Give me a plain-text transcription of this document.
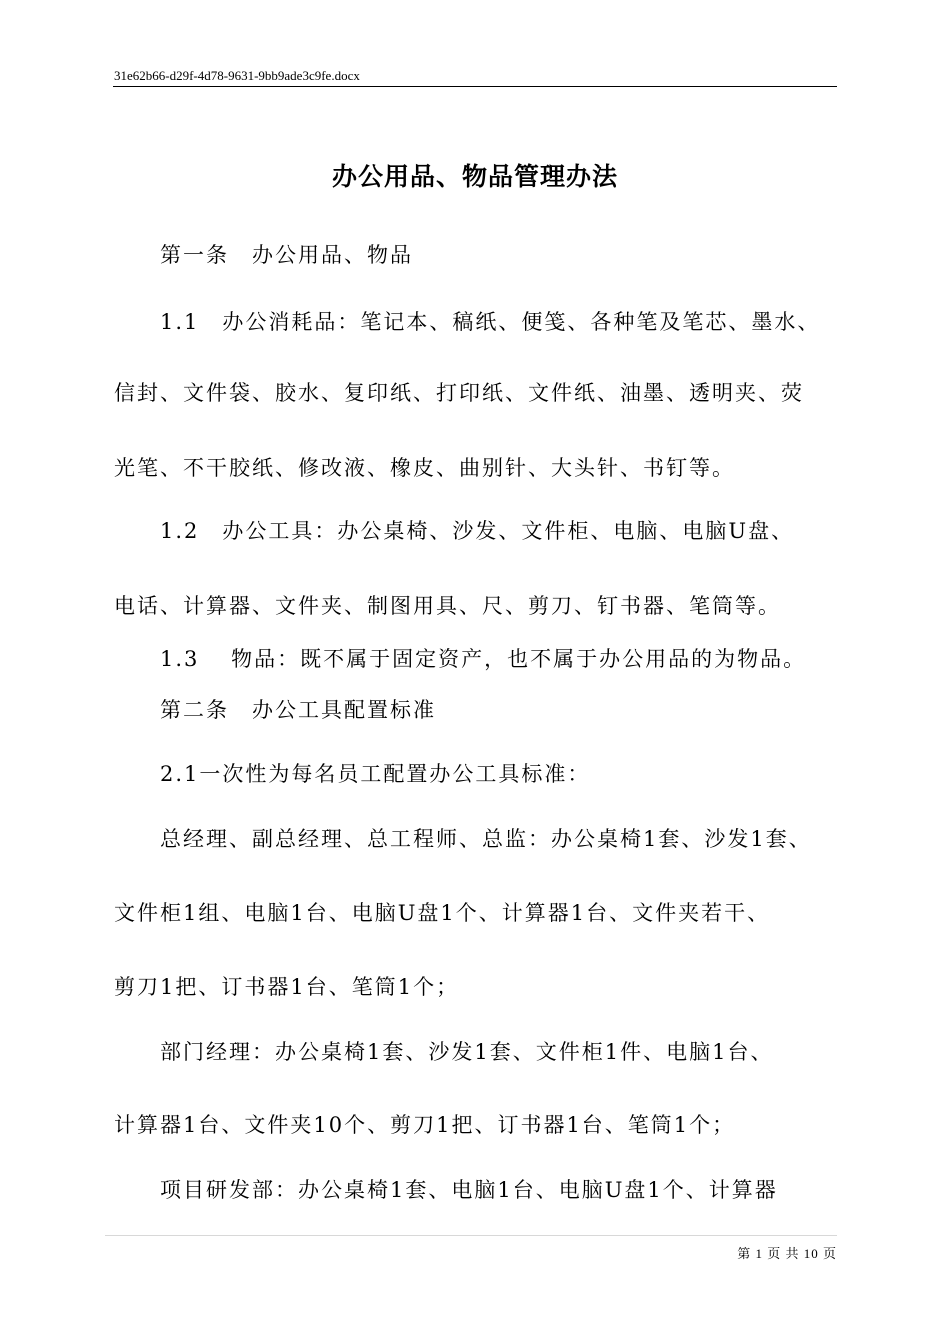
31e62b66-d29f-4d78-9631-9bb9ade3c9fe.docx
办公用品、物品管理办法
　　第一条　办公用品、物品
　　1.1　办公消耗品：笔记本、稿纸、便笺、各种笔及笔芯、墨水、
信封、文件袋、胶水、复印纸、打印纸、文件纸、油墨、透明夹、荧
光笔、不干胶纸、修改液、橡皮、曲别针、大头针、书钉等。
　　1.2　办公工具：办公桌椅、沙发、文件柜、电脑、电脑U盘、
电话、计算器、文件夹、制图用具、尺、剪刀、钉书器、笔筒等。
　　1.3　 物品：既不属于固定资产，也不属于办公用品的为物品。
　　第二条　办公工具配置标准
　　2.1一次性为每名员工配置办公工具标准：
　　总经理、副总经理、总工程师、总监：办公桌椅1套、沙发1套、
文件柜1组、电脑1台、电脑U盘1个、计算器1台、文件夹若干、
剪刀1把、订书器1台、笔筒1个；
　　部门经理：办公桌椅1套、沙发1套、文件柜1件、电脑1台、
计算器1台、文件夹10个、剪刀1把、订书器1台、笔筒1个；
　　项目研发部：办公桌椅1套、电脑1台、电脑U盘1个、计算器
第 1 页 共 10 页
